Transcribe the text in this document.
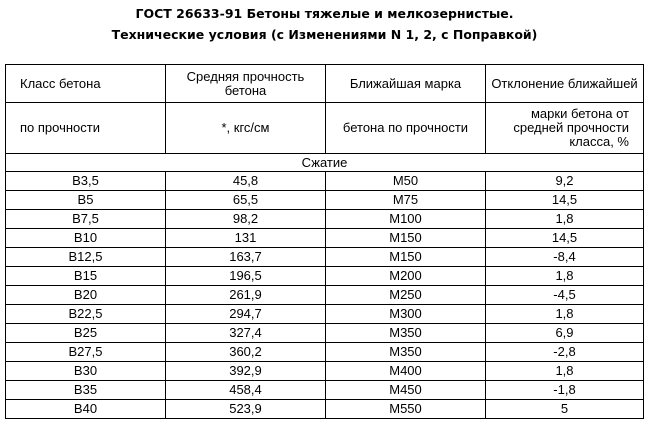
ГОСТ 26633-91 Бетоны тяжелые и мелкозернистые.
Технические условия (с Изменениями N 1, 2, с Поправкой)
Класс бетона	Средняя прочность бетона	Ближайшая марка	Отклонение ближайшей
по прочности	*, кгс/см	бетона по прочности	марки бетона от средней прочности класса, %
Сжатие			
B3,5	45,8	M50	9,2
B5	65,5	M75	14,5
B7,5	98,2	M100	1,8
B10	131	M150	14,5
B12,5	163,7	M150	-8,4
B15	196,5	M200	1,8
B20	261,9	M250	-4,5
B22,5	294,7	M300	1,8
B25	327,4	M350	6,9
B27,5	360,2	M350	-2,8
B30	392,9	M400	1,8
B35	458,4	M450	-1,8
B40	523,9	M550	5
